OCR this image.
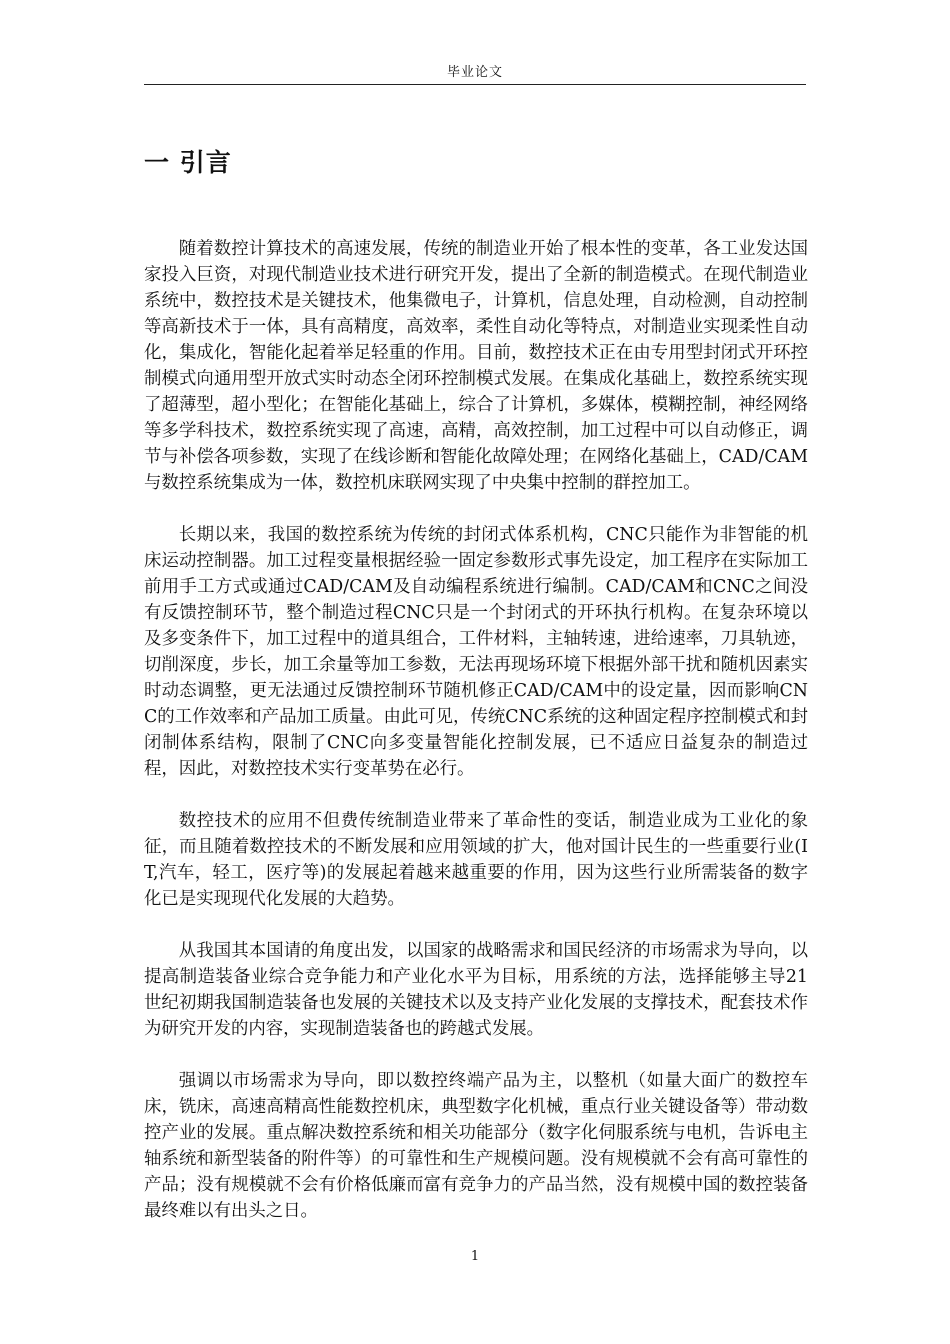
毕业论文
一 引言

随着数控计算技术的高速发展，传统的制造业开始了根本性的变革，各工业发达国家投入巨资，对现代制造业技术进行研究开发，提出了全新的制造模式。在现代制造业系统中，数控技术是关键技术，他集微电子，计算机，信息处理，自动检测，自动控制等高新技术于一体，具有高精度，高效率，柔性自动化等特点，对制造业实现柔性自动化，集成化，智能化起着举足轻重的作用。目前，数控技术正在由专用型封闭式开环控制模式向通用型开放式实时动态全闭环控制模式发展。在集成化基础上，数控系统实现了超薄型，超小型化；在智能化基础上，综合了计算机，多媒体，模糊控制，神经网络等多学科技术，数控系统实现了高速，高精，高效控制，加工过程中可以自动修正，调节与补偿各项参数，实现了在线诊断和智能化故障处理；在网络化基础上，CAD/CAM与数控系统集成为一体，数控机床联网实现了中央集中控制的群控加工。

长期以来，我国的数控系统为传统的封闭式体系机构，CNC只能作为非智能的机床运动控制器。加工过程变量根据经验一固定参数形式事先设定，加工程序在实际加工前用手工方式或通过CAD/CAM及自动编程系统进行编制。CAD/CAM和CNC之间没有反馈控制环节，整个制造过程CNC只是一个封闭式的开环执行机构。在复杂环境以及多变条件下，加工过程中的道具组合，工件材料，主轴转速，进给速率，刀具轨迹，切削深度，步长，加工余量等加工参数，无法再现场环境下根据外部干扰和随机因素实时动态调整，更无法通过反馈控制环节随机修正CAD/CAM中的设定量，因而影响CNC的工作效率和产品加工质量。由此可见，传统CNC系统的这种固定程序控制模式和封闭制体系结构，限制了CNC向多变量智能化控制发展，已不适应日益复杂的制造过程，因此，对数控技术实行变革势在必行。

数控技术的应用不但费传统制造业带来了革命性的变话，制造业成为工业化的象征，而且随着数控技术的不断发展和应用领域的扩大，他对国计民生的一些重要行业(IT,汽车，轻工，医疗等)的发展起着越来越重要的作用，因为这些行业所需装备的数字化已是实现现代化发展的大趋势。

从我国其本国请的角度出发，以国家的战略需求和国民经济的市场需求为导向，以提高制造装备业综合竞争能力和产业化水平为目标，用系统的方法，选择能够主导21世纪初期我国制造装备也发展的关键技术以及支持产业化发展的支撑技术，配套技术作为研究开发的内容，实现制造装备也的跨越式发展。

强调以市场需求为导向，即以数控终端产品为主，以整机（如量大面广的数控车床，铣床，高速高精高性能数控机床，典型数字化机械，重点行业关键设备等）带动数控产业的发展。重点解决数控系统和相关功能部分（数字化伺服系统与电机，告诉电主轴系统和新型装备的附件等）的可靠性和生产规模问题。没有规模就不会有高可靠性的产品；没有规模就不会有价格低廉而富有竞争力的产品当然，没有规模中国的数控装备最终难以有出头之日。

1
